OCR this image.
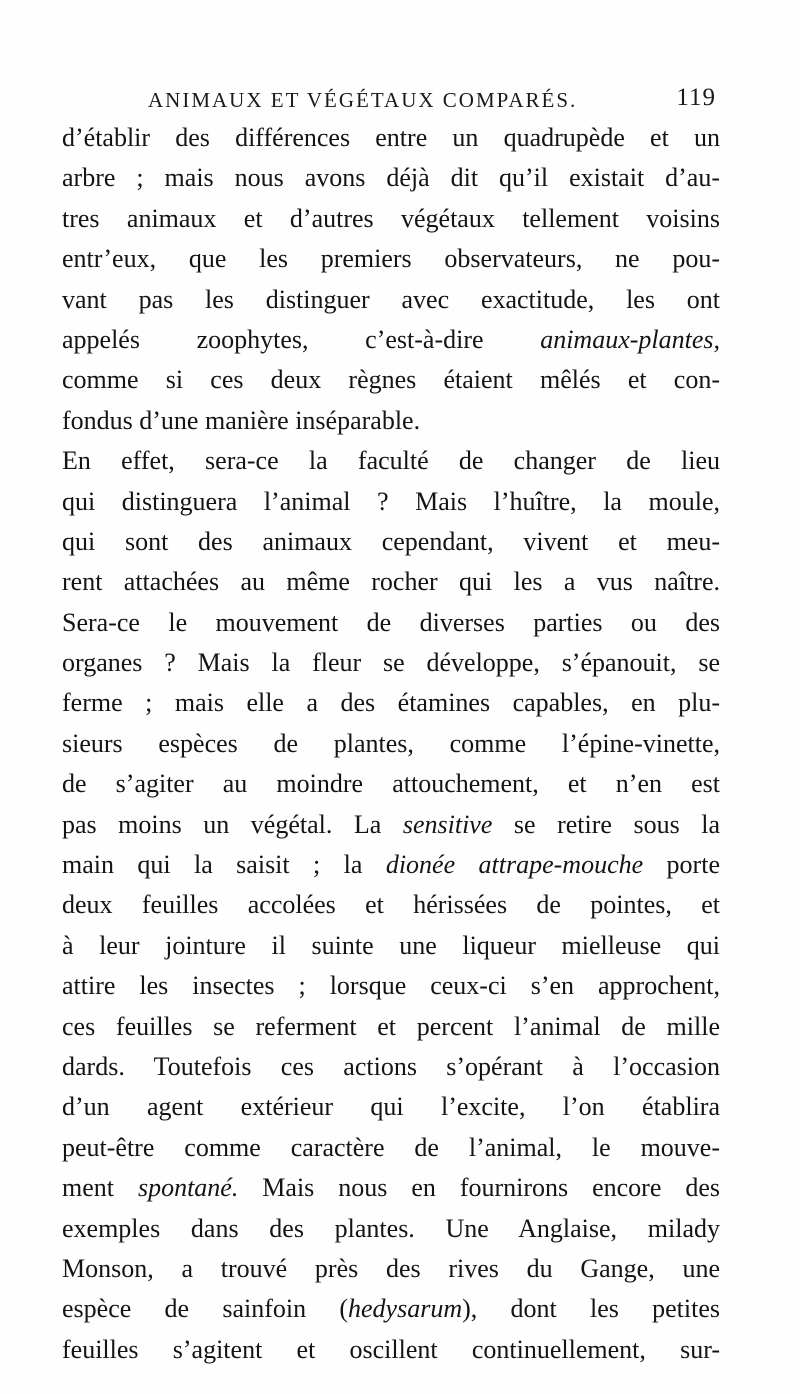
ANIMAUX ET VÉGÉTAUX COMPARÉS.	119
d’établir des différences entre un quadrupède et un
arbre ; mais nous avons déjà dit qu’il existait d’au-
tres animaux et d’autres végétaux tellement voisins
entr’eux, que les premiers observateurs, ne pou-
vant pas les distinguer avec exactitude, les ont
appelés zoophytes, c’est-à-dire animaux-plantes,
comme si ces deux règnes étaient mêlés et con-
fondus d’une manière inséparable.
En effet, sera-ce la faculté de changer de lieu
qui distinguera l’animal ? Mais l’huître, la moule,
qui sont des animaux cependant, vivent et meu-
rent attachées au même rocher qui les a vus naître.
Sera-ce le mouvement de diverses parties ou des
organes ? Mais la fleur se développe, s’épanouit, se
ferme ; mais elle a des étamines capables, en plu-
sieurs espèces de plantes, comme l’épine-vinette,
de s’agiter au moindre attouchement, et n’en est
pas moins un végétal. La sensitive se retire sous la
main qui la saisit ; la dionée attrape-mouche porte
deux feuilles accolées et hérissées de pointes, et
à leur jointure il suinte une liqueur mielleuse qui
attire les insectes ; lorsque ceux-ci s’en approchent,
ces feuilles se referment et percent l’animal de mille
dards. Toutefois ces actions s’opérant à l’occasion
d’un agent extérieur qui l’excite, l’on établira
peut-être comme caractère de l’animal, le mouve-
ment spontané. Mais nous en fournirons encore des
exemples dans des plantes. Une Anglaise, milady
Monson, a trouvé près des rives du Gange, une
espèce de sainfoin (hedysarum), dont les petites
feuilles s’agitent et oscillent continuellement, sur-
